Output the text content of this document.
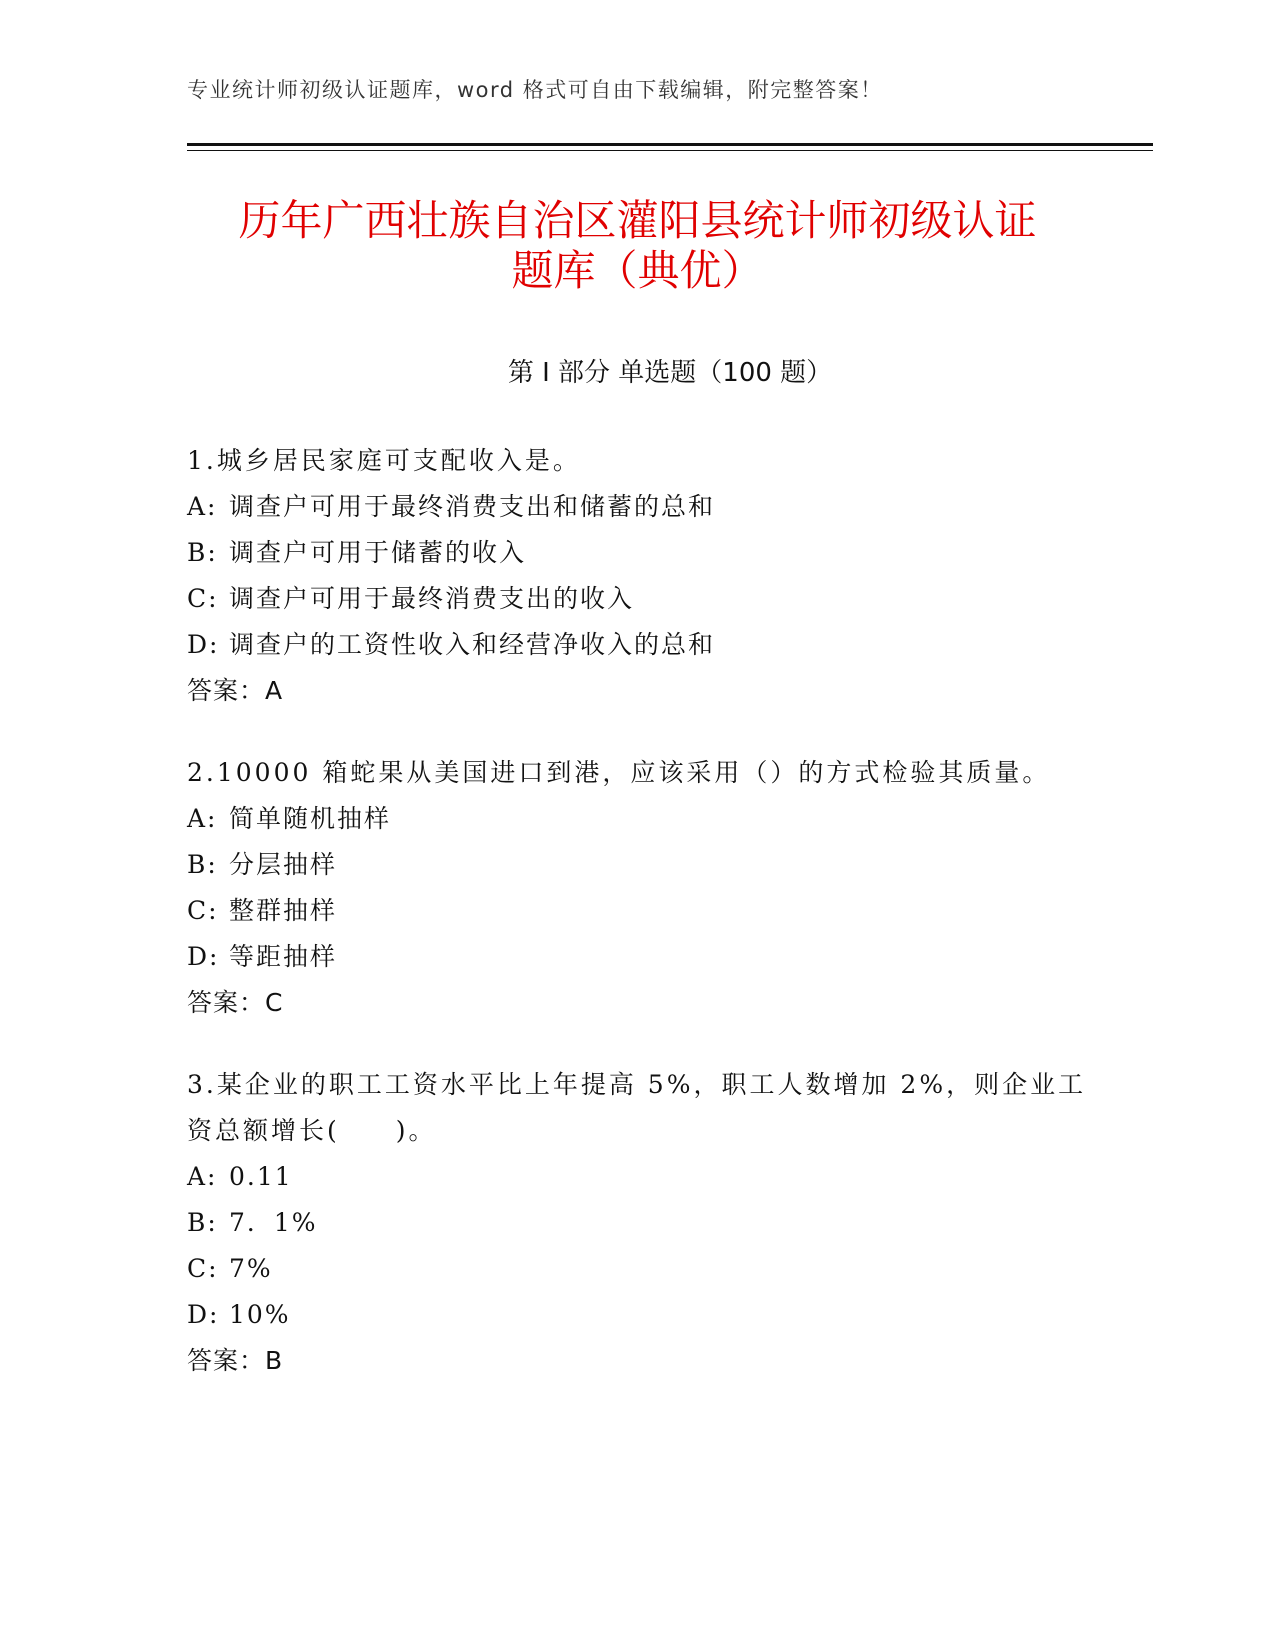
专业统计师初级认证题库，word 格式可自由下载编辑，附完整答案！
历年广西壮族自治区灌阳县统计师初级认证
题库（典优）
第 I 部分 单选题（100 题）
1.城乡居民家庭可支配收入是。
A: 调查户可用于最终消费支出和储蓄的总和
B: 调查户可用于储蓄的收入
C: 调查户可用于最终消费支出的收入
D: 调查户的工资性收入和经营净收入的总和
答案：A
2.10000 箱蛇果从美国进口到港，应该采用（）的方式检验其质量。
A: 简单随机抽样
B: 分层抽样
C: 整群抽样
D: 等距抽样
答案：C
3.某企业的职工工资水平比上年提高 5%，职工人数增加 2%，则企业工资总额增长(　　)。
A: 0.11
B: 7．1%
C: 7%
D: 10%
答案：B
